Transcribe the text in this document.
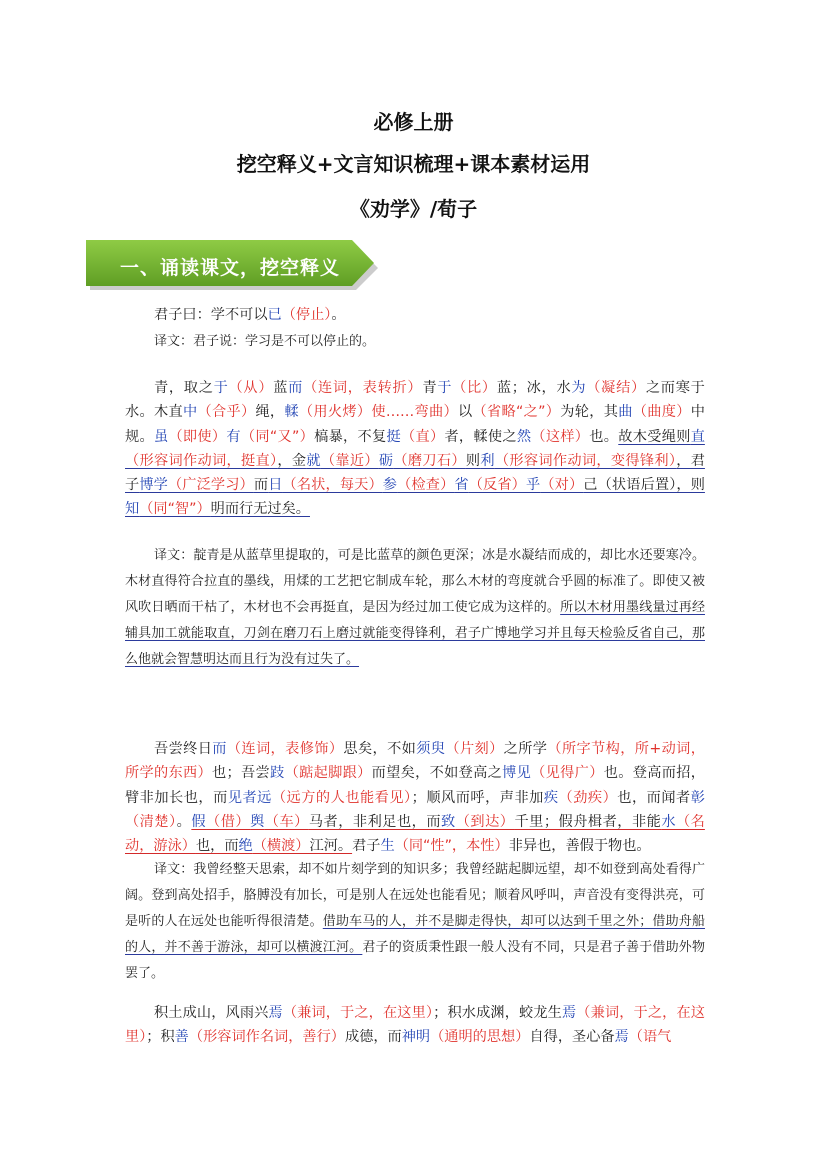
必修上册
挖空释义+文言知识梳理+课本素材运用
《劝学》/荀子
一、诵读课文，挖空释义
君子曰：学不可以已（停止）。
译文：君子说：学习是不可以停止的。
青，取之于（从）蓝而（连词，表转折）青于（比）蓝；冰，水为（凝结）之而寒于水。木直中（合乎）绳，輮（用火烤）使……弯曲）以（省略“之”）为轮，其曲（曲度）中规。虽（即使）有（同“又”）槁暴，不复挺（直）者，輮使之然（这样）也。故木受绳则直（形容词作动词，挺直），金就（靠近）砺（磨刀石）则利（形容词作动词，变得锋利），君子博学（广泛学习）而日（名状，每天）参（检查）省（反省）乎（对）己（状语后置），则知（同“智”）明而行无过矣。
译文：靛青是从蓝草里提取的，可是比蓝草的颜色更深；冰是水凝结而成的，却比水还要寒冷。木材直得符合拉直的墨线，用煣的工艺把它制成车轮，那么木材的弯度就合乎圆的标准了。即使又被风吹日晒而干枯了，木材也不会再挺直，是因为经过加工使它成为这样的。所以木材用墨线量过再经辅具加工就能取直，刀剑在磨刀石上磨过就能变得锋利，君子广博地学习并且每天检验反省自己，那么他就会智慧明达而且行为没有过失了。
吾尝终日而（连词，表修饰）思矣，不如须臾（片刻）之所学（所字节构，所+动词，所学的东西）也；吾尝跂（踮起脚跟）而望矣，不如登高之博见（见得广）也。登高而招，臂非加长也，而见者远（远方的人也能看见）；顺风而呼，声非加疾（劲疾）也，而闻者彰（清楚）。假（借）舆（车）马者，非利足也，而致（到达）千里；假舟楫者，非能水（名动，游泳）也，而绝（横渡）江河。君子生（同“性”，本性）非异也，善假于物也。
译文：我曾经整天思索，却不如片刻学到的知识多；我曾经踮起脚远望，却不如登到高处看得广阔。登到高处招手，胳膊没有加长，可是别人在远处也能看见；顺着风呼叫，声音没有变得洪亮，可是听的人在远处也能听得很清楚。借助车马的人，并不是脚走得快，却可以达到千里之外；借助舟船的人，并不善于游泳，却可以横渡江河。君子的资质秉性跟一般人没有不同，只是君子善于借助外物罢了。
积土成山，风雨兴焉（兼词，于之，在这里）；积水成渊，蛟龙生焉（兼词，于之，在这里）；积善（形容词作名词，善行）成德，而神明（通明的思想）自得，圣心备焉（语气
